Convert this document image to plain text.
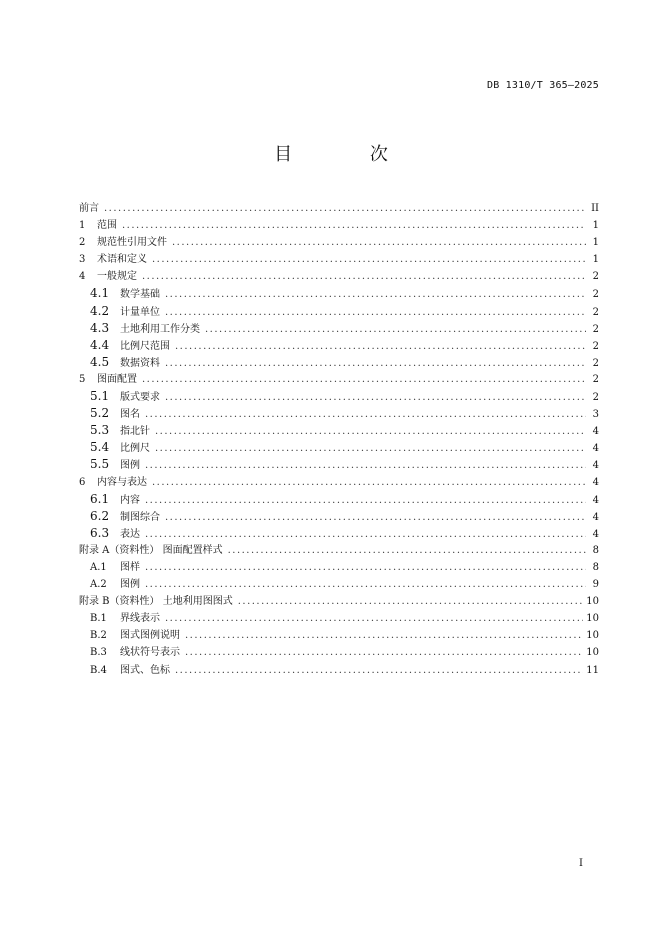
DB 1310/T 365—2025
目 次
前言 .....	II
1	范围 .....	1
2	规范性引用文件 .....	1
3	术语和定义 .....	1
4	一般规定 .....	2
4.1	数学基础 .....	2
4.2	计量单位 .....	2
4.3	土地利用工作分类 .....	2
4.4	比例尺范围 .....	2
4.5	数据资料 .....	2
5	图面配置 .....	2
5.1	版式要求 .....	2
5.2	图名 .....	3
5.3	指北针 .....	4
5.4	比例尺 .....	4
5.5	图例 .....	4
6	内容与表达 .....	4
6.1	内容 .....	4
6.2	制图综合 .....	4
6.3	表达 .....	4
附录 A（资料性） 图面配置样式 .....	8
A.1	图样 .....	8
A.2	图例 .....	9
附录 B（资料性） 土地利用图图式 .....	10
B.1	界线表示 .....	10
B.2	图式图例说明 .....	10
B.3	线状符号表示 .....	10
B.4	图式、色标 .....	11
I
